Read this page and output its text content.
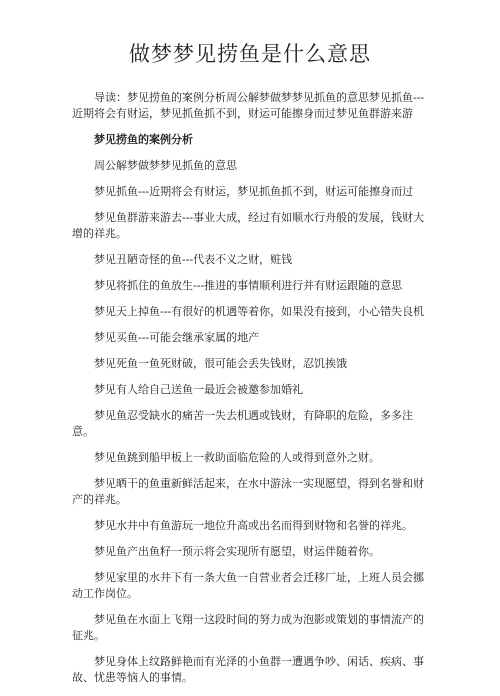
做梦梦见捞鱼是什么意思

导读：梦见捞鱼的案例分析周公解梦做梦梦见抓鱼的意思梦见抓鱼---近期将会有财运，梦见抓鱼抓不到，财运可能擦身而过梦见鱼群游来游

梦见捞鱼的案例分析

周公解梦做梦梦见抓鱼的意思

梦见抓鱼---近期将会有财运，梦见抓鱼抓不到，财运可能擦身而过

梦见鱼群游来游去---事业大成，经过有如顺水行舟般的发展，钱财大增的祥兆。

梦见丑陋奇怪的鱼---代表不义之财，赃钱

梦见将抓住的鱼放生---推进的事情顺利进行并有财运跟随的意思

梦见天上掉鱼---有很好的机遇等着你，如果没有接到，小心错失良机

梦见买鱼---可能会继承家属的地产

梦见死鱼一鱼死财破，很可能会丢失钱财，忍饥挨饿

梦见有人给自己送鱼一最近会被邀参加婚礼

梦见鱼忍受缺水的痛苦一失去机遇或钱财，有降职的危险，多多注意。

梦见鱼跳到船甲板上一救助面临危险的人或得到意外之财。

梦见晒干的鱼重新鲜活起来，在水中游泳一实现愿望，得到名誉和财产的祥兆。

梦见水井中有鱼游玩一地位升高或出名而得到财物和名誉的祥兆。

梦见鱼产出鱼籽一预示将会实现所有愿望，财运伴随着你。

梦见家里的水井下有一条大鱼一自营业者会迁移厂址，上班人员会挪动工作岗位。

梦见鱼在水面上飞翔一这段时间的努力成为泡影或策划的事情流产的征兆。

梦见身体上纹路鲜艳而有光泽的小鱼群一遭遇争吵、闲话、疾病、事故、忧患等恼人的事情。
